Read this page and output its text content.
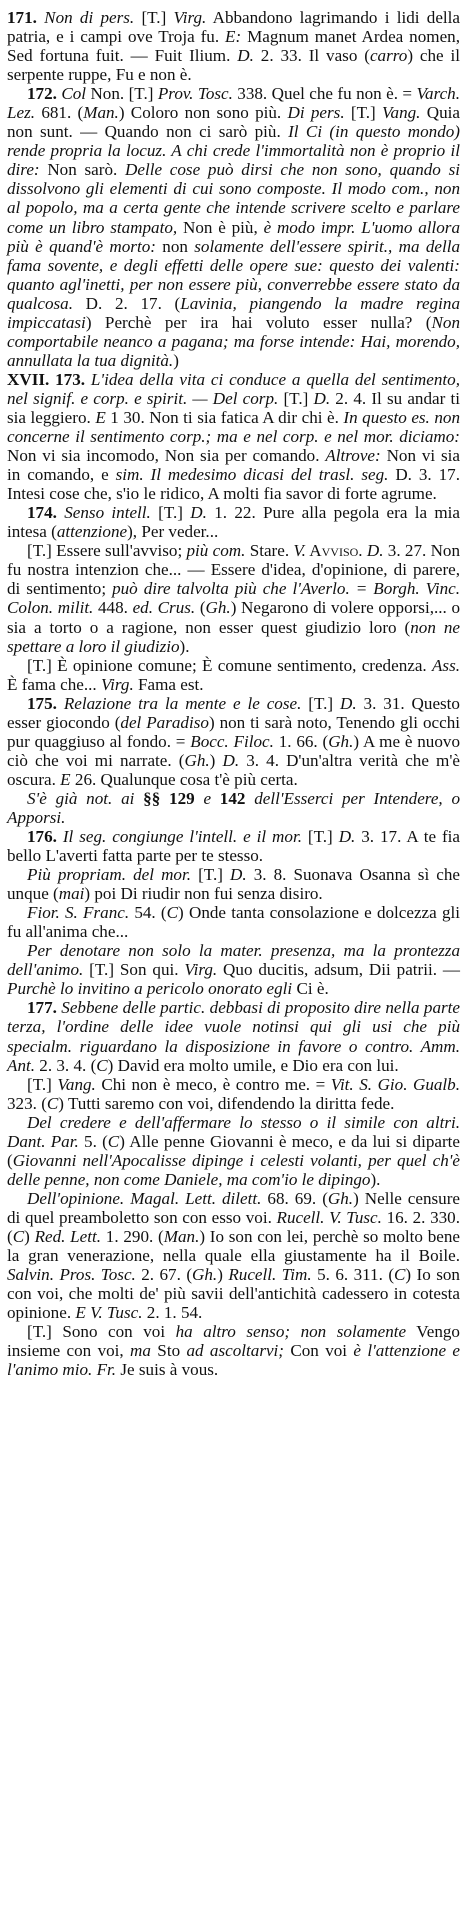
171. Non di pers. [T.] Virg. Abbandono lagrimando i lidi della patria, e i campi ove Troja fu. E: Magnum manet Ardea nomen, Sed fortuna fuit. — Fuit Ilium. D. 2. 33. Il vaso (carro) che il serpente ruppe, Fu e non è.

172. Col Non. [T.] Prov. Tosc. 338. Quel che fu non è. = Varch. Lez. 681. (Man.) Coloro non sono più. Di pers. [T.] Vang. Quia non sunt. — Quando non ci sarò più. Il Ci (in questo mondo) rende propria la locuz. A chi crede l'immortalità non è proprio il dire: Non sarò. Delle cose può dirsi che non sono, quando si dissolvono gli elementi di cui sono composte. Il modo com., non al popolo, ma a certa gente che intende scrivere scelto e parlare come un libro stampato, Non è più, è modo impr. L'uomo allora più è quand'è morto: non solamente dell'essere spirit., ma della fama sovente, e degli effetti delle opere sue: questo dei valenti: quanto agl'inetti, per non essere più, converrebbe essere stato da qualcosa. D. 2. 17. (Lavinia, piangendo la madre regina impiccatasi) Perchè per ira hai voluto esser nulla? (Non comportabile neanco a pagana; ma forse intende: Hai, morendo, annullata la tua dignità.)

XVII. 173. L'idea della vita ci conduce a quella del sentimento, nel signif. e corp. e spirit. — Del corp. [T.] D. 2. 4. Il su andar ti sia leggiero. E 1 30. Non ti sia fatica A dir chi è. In questo es. non concerne il sentimento corp.; ma e nel corp. e nel mor. diciamo: Non vi sia incomodo, Non sia per comando. Altrove: Non vi sia in comando, e sim. Il medesimo dicasi del trasl. seg. D. 3. 17. Intesi cose che, s'io le ridico, A molti fia savor di forte agrume.

174. Senso intell. [T.] D. 1. 22. Pure alla pegola era la mia intesa (attenzione), Per veder...

[T.] Essere sull'avviso; più com. Stare. V. Avviso. D. 3. 27. Non fu nostra intenzion che... — Essere d'idea, d'opinione, di parere, di sentimento; può dire talvolta più che l'Averlo. = Borgh. Vinc. Colon. milit. 448. ed. Crus. (Gh.) Negarono di volere opporsi,... o sia a torto o a ragione, non esser quest giudizio loro (non ne spettare a loro il giudizio).

[T.] È opinione comune; È comune sentimento, credenza. Ass. È fama che... Virg. Fama est.

175. Relazione tra la mente e le cose. [T.] D. 3. 31. Questo esser giocondo (del Paradiso) non ti sarà noto, Tenendo gli occhi pur quaggiuso al fondo. = Bocc. Filoc. 1. 66. (Gh.) A me è nuovo ciò che voi mi narrate. (Gh.) D. 3. 4. D'un'altra verità che m'è oscura. E 26. Qualunque cosa t'è più certa.

S'è già not. ai §§ 129 e 142 dell'Esserci per Intendere, o Apporsi.

176. Il seg. congiunge l'intell. e il mor. [T.] D. 3. 17. A te fia bello L'averti fatta parte per te stesso.

Più propriam. del mor. [T.] D. 3. 8. Suonava Osanna sì che unque (mai) poi Di riudir non fui senza disiro.

Fior. S. Franc. 54. (C) Onde tanta consolazione e dolcezza gli fu all'anima che...

Per denotare non solo la mater. presenza, ma la prontezza dell'animo. [T.] Son qui. Virg. Quo ducitis, adsum, Dii patrii. — Purchè lo invitino a pericolo onorato egli Ci è.

177. Sebbene delle partic. debbasi di proposito dire nella parte terza, l'ordine delle idee vuole notinsi qui gli usi che più specialm. riguardano la disposizione in favore o contro. Amm. Ant. 2. 3. 4. (C) David era molto umile, e Dio era con lui.

[T.] Vang. Chi non è meco, è contro me. = Vit. S. Gio. Gualb. 323. (C) Tutti saremo con voi, difendendo la diritta fede.

Del credere e dell'affermare lo stesso o il simile con altri. Dant. Par. 5. (C) Alle penne Giovanni è meco, e da lui si diparte (Giovanni nell'Apocalisse dipinge i celesti volanti, per quel ch'è delle penne, non come Daniele, ma com'io le dipingo).

Dell'opinione. Magal. Lett. dilett. 68. 69. (Gh.) Nelle censure di quel preamboletto son con esso voi. Rucell. V. Tusc. 16. 2. 330. (C) Red. Lett. 1. 290. (Man.) Io son con lei, perchè so molto bene la gran venerazione, nella quale ella giustamente ha il Boile. Salvin. Pros. Tosc. 2. 67. (Gh.) Rucell. Tim. 5. 6. 311. (C) Io son con voi, che molti de' più savii dell'antichità cadessero in cotesta opinione. E V. Tusc. 2. 1. 54.

[T.] Sono con voi ha altro senso; non solamente Vengo insieme con voi, ma Sto ad ascoltarvi; Con voi è l'attenzione e l'animo mio. Fr. Je suis à vous.
